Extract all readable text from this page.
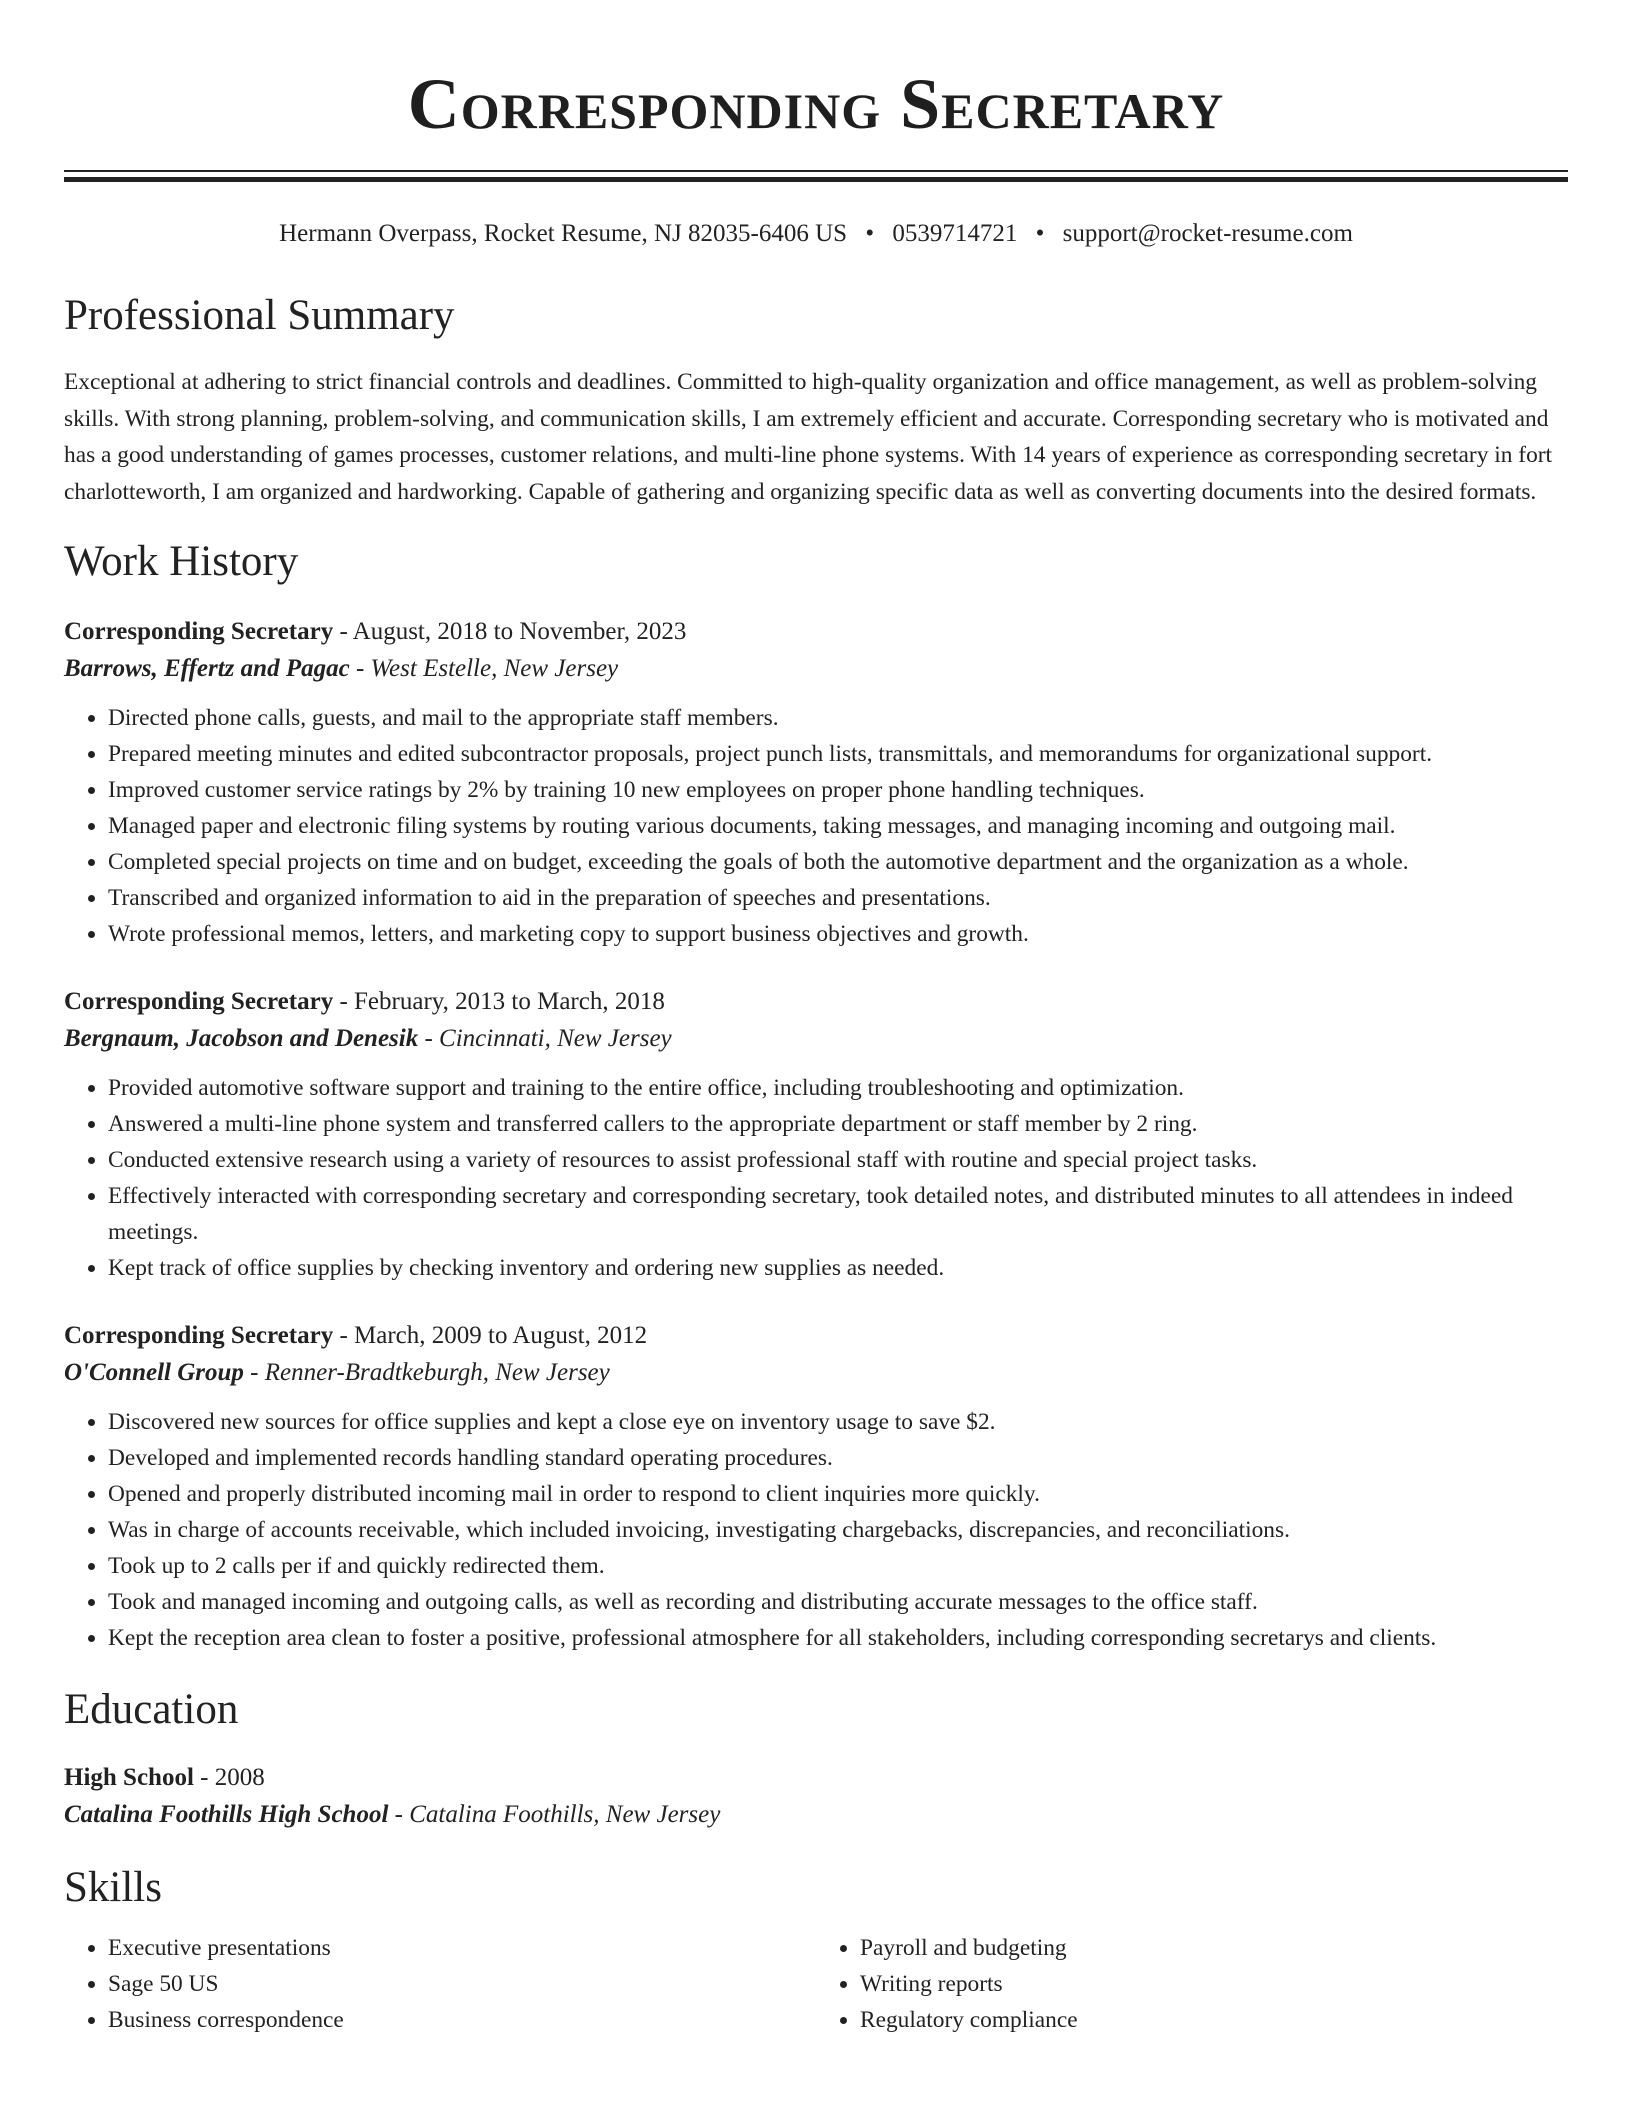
Corresponding Secretary
Hermann Overpass, Rocket Resume, NJ 82035-6406 US • 0539714721 • support@rocket-resume.com
Professional Summary

Exceptional at adhering to strict financial controls and deadlines. Committed to high-quality organization and office management, as well as problem-solving skills. With strong planning, problem-solving, and communication skills, I am extremely efficient and accurate. Corresponding secretary who is motivated and has a good understanding of games processes, customer relations, and multi-line phone systems. With 14 years of experience as corresponding secretary in fort charlotteworth, I am organized and hardworking. Capable of gathering and organizing specific data as well as converting documents into the desired formats.

Work History
Corresponding Secretary - August, 2018 to November, 2023
Barrows, Effertz and Pagac - West Estelle, New Jersey
• Directed phone calls, guests, and mail to the appropriate staff members.
• Prepared meeting minutes and edited subcontractor proposals, project punch lists, transmittals, and memorandums for organizational support.
• Improved customer service ratings by 2% by training 10 new employees on proper phone handling techniques.
• Managed paper and electronic filing systems by routing various documents, taking messages, and managing incoming and outgoing mail.
• Completed special projects on time and on budget, exceeding the goals of both the automotive department and the organization as a whole.
• Transcribed and organized information to aid in the preparation of speeches and presentations.
• Wrote professional memos, letters, and marketing copy to support business objectives and growth.
Corresponding Secretary - February, 2013 to March, 2018
Bergnaum, Jacobson and Denesik - Cincinnati, New Jersey
• Provided automotive software support and training to the entire office, including troubleshooting and optimization.
• Answered a multi-line phone system and transferred callers to the appropriate department or staff member by 2 ring.
• Conducted extensive research using a variety of resources to assist professional staff with routine and special project tasks.
• Effectively interacted with corresponding secretary and corresponding secretary, took detailed notes, and distributed minutes to all attendees in indeed meetings.
• Kept track of office supplies by checking inventory and ordering new supplies as needed.
Corresponding Secretary - March, 2009 to August, 2012
O'Connell Group - Renner-Bradtkeburgh, New Jersey
• Discovered new sources for office supplies and kept a close eye on inventory usage to save $2.
• Developed and implemented records handling standard operating procedures.
• Opened and properly distributed incoming mail in order to respond to client inquiries more quickly.
• Was in charge of accounts receivable, which included invoicing, investigating chargebacks, discrepancies, and reconciliations.
• Took up to 2 calls per if and quickly redirected them.
• Took and managed incoming and outgoing calls, as well as recording and distributing accurate messages to the office staff.
• Kept the reception area clean to foster a positive, professional atmosphere for all stakeholders, including corresponding secretarys and clients.
Education
High School - 2008
Catalina Foothills High School - Catalina Foothills, New Jersey
Skills
• Executive presentations
• Sage 50 US
• Business correspondence
• Payroll and budgeting
• Writing reports
• Regulatory compliance
